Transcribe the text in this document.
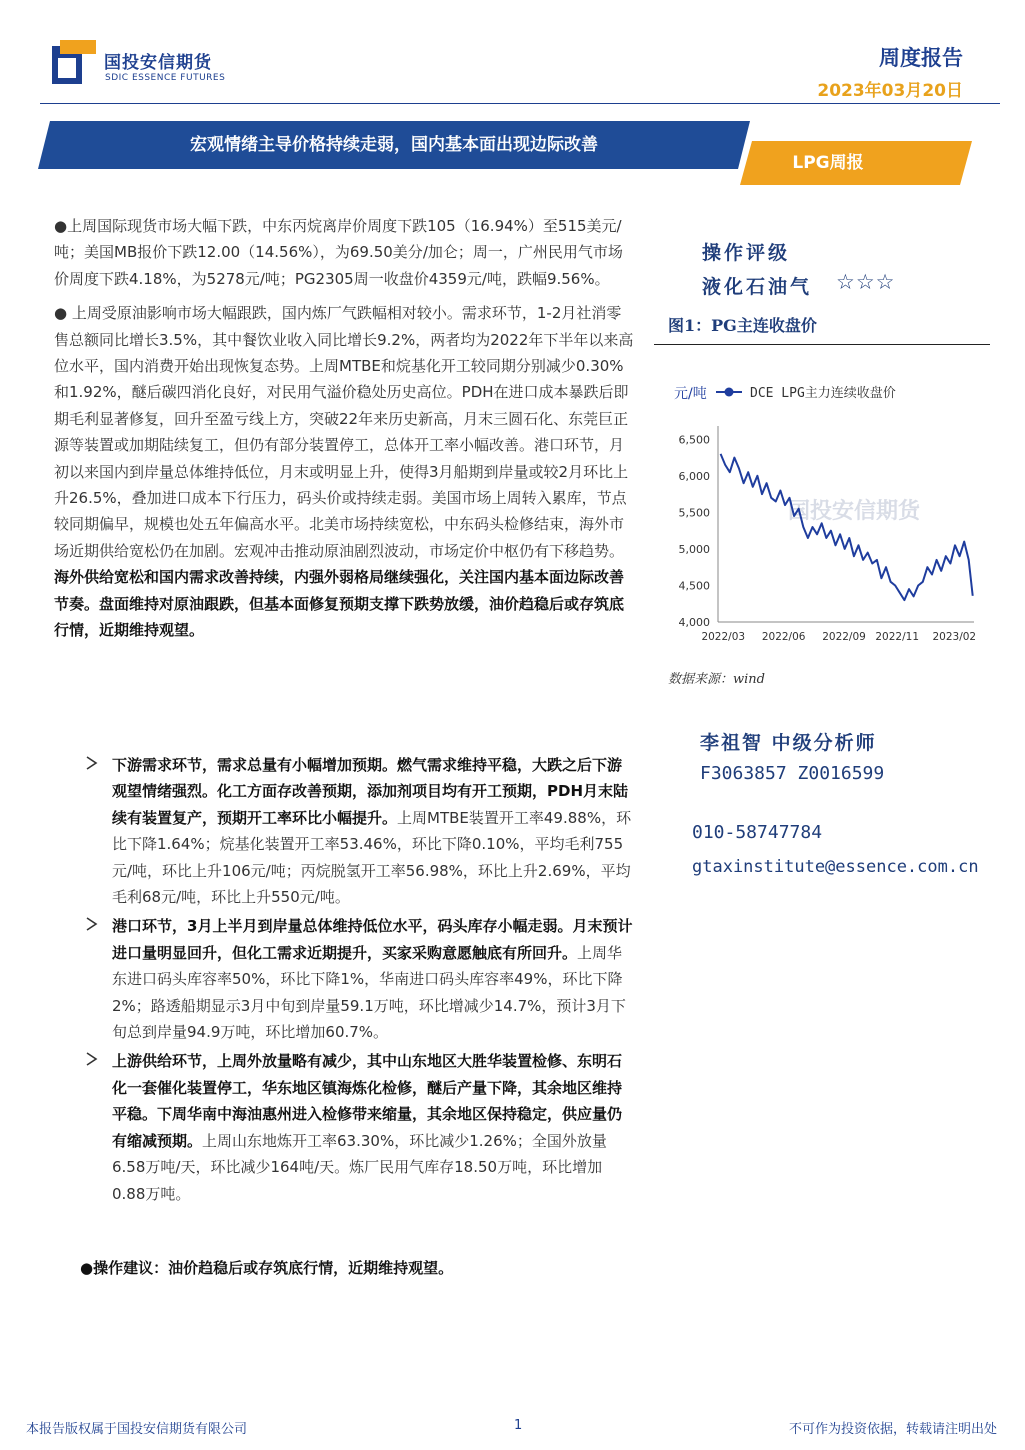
国投安信期货
SDIC ESSENCE FUTURES
周度报告
2023年03月20日
宏观情绪主导价格持续走弱，国内基本面出现边际改善
LPG周报

●上周国际现货市场大幅下跌，中东丙烷离岸价周度下跌105（16.94%）至515美元/吨；美国MB报价下跌12.00（14.56%），为69.50美分/加仑；周一，广州民用气市场价周度下跌4.18%，为5278元/吨；PG2305周一收盘价4359元/吨，跌幅9.56%。

● 上周受原油影响市场大幅跟跌，国内炼厂气跌幅相对较小。需求环节，1-2月社消零售总额同比增长3.5%，其中餐饮业收入同比增长9.2%，两者均为2022年下半年以来高位水平，国内消费开始出现恢复态势。上周MTBE和烷基化开工较同期分别减少0.30%和1.92%，醚后碳四消化良好，对民用气溢价稳处历史高位。PDH在进口成本暴跌后即期毛利显著修复，回升至盈亏线上方，突破22年来历史新高，月末三圆石化、东莞巨正源等装置或加期陆续复工，但仍有部分装置停工，总体开工率小幅改善。港口环节，月初以来国内到岸量总体维持低位，月末或明显上升，使得3月船期到岸量或较2月环比上升26.5%，叠加进口成本下行压力，码头价或持续走弱。美国市场上周转入累库，节点较同期偏早，规模也处五年偏高水平。北美市场持续宽松，中东码头检修结束，海外市场近期供给宽松仍在加剧。宏观冲击推动原油剧烈波动，市场定价中枢仍有下移趋势。海外供给宽松和国内需求改善持续，内强外弱格局继续强化，关注国内基本面边际改善节奏。盘面维持对原油跟跌，但基本面修复预期支撑下跌势放缓，油价趋稳后或存筑底行情，近期维持观望。

下游需求环节，需求总量有小幅增加预期。燃气需求维持平稳，大跌之后下游观望情绪强烈。化工方面存改善预期，添加剂项目均有开工预期，PDH月末陆续有装置复产，预期开工率环比小幅提升。上周MTBE装置开工率49.88%，环比下降1.64%；烷基化装置开工率53.46%，环比下降0.10%，平均毛利755元/吨，环比上升106元/吨；丙烷脱氢开工率56.98%，环比上升2.69%，平均毛利68元/吨，环比上升550元/吨。
港口环节，3月上半月到岸量总体维持低位水平，码头库存小幅走弱。月末预计进口量明显回升，但化工需求近期提升，买家采购意愿触底有所回升。上周华东进口码头库容率50%，环比下降1%，华南进口码头库容率49%，环比下降2%；路透船期显示3月中旬到岸量59.1万吨，环比增减少14.7%，预计3月下旬总到岸量94.9万吨，环比增加60.7%。
上游供给环节，上周外放量略有减少，其中山东地区大胜华装置检修、东明石化一套催化装置停工，华东地区镇海炼化检修，醚后产量下降，其余地区维持平稳。下周华南中海油惠州进入检修带来缩量，其余地区保持稳定，供应量仍有缩减预期。上周山东地炼开工率63.30%，环比减少1.26%；全国外放量6.58万吨/天，环比减少164吨/天。炼厂民用气库存18.50万吨，环比增加0.88万吨。
●操作建议：油价趋稳后或存筑底行情，近期维持观望。
操作评级
液化石油气 ☆☆☆
图1：PG主连收盘价
国投安信期货
DCE LPG主力连续收盘价
元/吨
4,000
4,500
5,000
5,500
6,000
6,500
2022/03 2022/06 2022/09 2022/11 2023/02
数据来源：wind
李祖智 中级分析师
F3063857 Z0016599
010-58747784
gtaxinstitute@essence.com.cn
本报告版权属于国投安信期货有限公司	1	不可作为投资依据，转载请注明出处
